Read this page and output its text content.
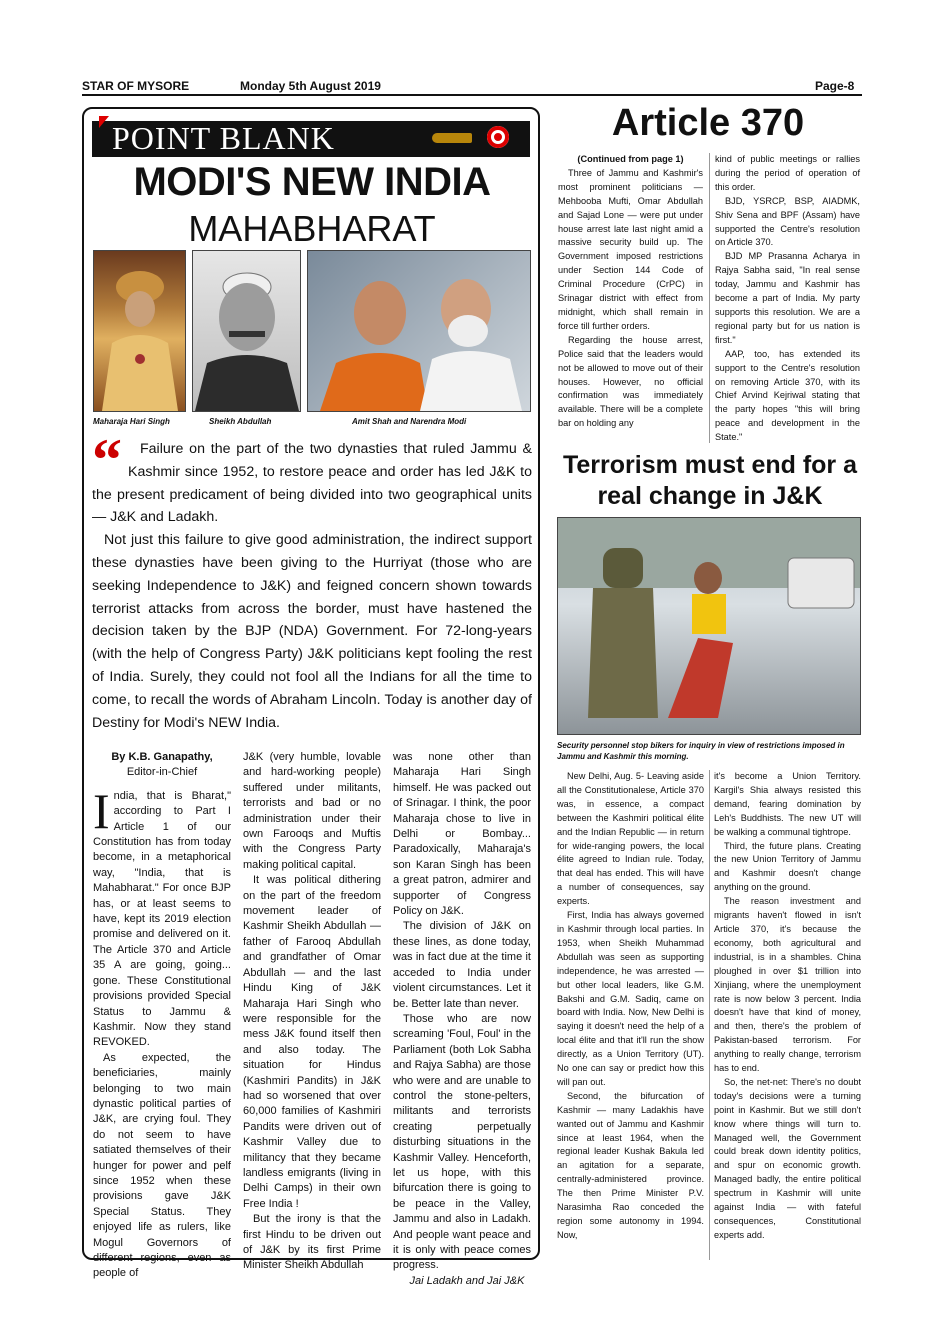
STAR OF MYSORE	Monday 5th August 2019	Page-8
POINT BLANK
MODI'S NEW INDIA
MAHABHARAT
Maharaja Hari Singh	Sheikh Abdullah	Amit Shah and Narendra Modi
“	Failure on the part of the two dynasties that ruled Jammu & Kashmir since 1952, to restore peace and order has led J&K to the present predicament of being divided into two geographical units — J&K and Ladakh.

Not just this failure to give good administration, the indirect support these dynasties have been giving to the Hurriyat (those who are seeking Independence to J&K) and feigned concern shown towards terrorist attacks from across the border, must have hastened the decision taken by the BJP (NDA) Government. For 72-long-years (with the help of Congress Party) J&K politicians kept fooling the rest of India. Surely, they could not fool all the Indians for all the time to come, to recall the words of Abraham Lincoln. Today is another day of Destiny for Modi's NEW India.

By K.B. Ganapathy,
Editor-in-Chief

India, that is Bharat," according to Part I Article 1 of our Constitution has from today become, in a metaphorical way, "India, that is Mahabharat." For once BJP has, or at least seems to have, kept its 2019 election promise and delivered on it. The Article 370 and Article 35 A are going, going... gone. These Constitutional provisions provided Special Status to Jammu & Kashmir. Now they stand REVOKED.

As expected, the beneficiaries, mainly belonging to two main dynastic political parties of J&K, are crying foul. They do not seem to have satiated themselves of their hunger for power and pelf since 1952 when these provisions gave J&K Special Status. They enjoyed life as rulers, like Mogul Governors of different regions, even as people of

J&K (very humble, lovable and hard-working people) suffered under militants, terrorists and bad or no administration under their own Farooqs and Muftis with the Congress Party making political capital.

It was political dithering on the part of the freedom movement leader of Kashmir Sheikh Abdullah — father of Farooq Abdullah and grandfather of Omar Abdullah — and the last Hindu King of J&K Maharaja Hari Singh who were responsible for the mess J&K found itself then and also today. The situation for Hindus (Kashmiri Pandits) in J&K had so worsened that over 60,000 families of Kashmiri Pandits were driven out of Kashmir Valley due to militancy that they became landless emigrants (living in Delhi Camps) in their own Free India !

But the irony is that the first Hindu to be driven out of J&K by its first Prime Minister Sheikh Abdullah

was none other than Maharaja Hari Singh himself. He was packed out of Srinagar. I think, the poor Maharaja chose to live in Delhi or Bombay... Paradoxically, Maharaja's son Karan Singh has been a great patron, admirer and supporter of Congress Policy on J&K.

The division of J&K on these lines, as done today, was in fact due at the time it acceded to India under violent circumstances. Let it be. Better late than never.

Those who are now screaming 'Foul, Foul' in the Parliament (both Lok Sabha and Rajya Sabha) are those who were and are unable to control the stone-pelters, militants and terrorists creating perpetually disturbing situations in the Kashmir Valley. Henceforth, let us hope, with this bifurcation there is going to be peace in the Valley, Jammu and also in Ladakh. And people want peace and it is only with peace comes progress.

Jai Ladakh and Jai J&K

Article 370
(Continued from page 1)

Three of Jammu and Kashmir's most prominent politicians — Mehbooba Mufti, Omar Abdullah and Sajad Lone — were put under house arrest late last night amid a massive security build up. The Government imposed restrictions under Section 144 Code of Criminal Procedure (CrPC) in Srinagar district with effect from midnight, which shall remain in force till further orders.

Regarding the house arrest, Police said that the leaders would not be allowed to move out of their houses. However, no official confirmation was immediately available. There will be a complete bar on holding any

kind of public meetings or rallies during the period of operation of this order.

BJD, YSRCP, BSP, AIADMK, Shiv Sena and BPF (Assam) have supported the Centre's resolution on Article 370.

BJD MP Prasanna Acharya in Rajya Sabha said, "In real sense today, Jammu and Kashmir has become a part of India. My party supports this resolution. We are a regional party but for us nation is first."

AAP, too, has extended its support to the Centre's resolution on removing Article 370, with its Chief Arvind Kejriwal stating that the party hopes "this will bring peace and development in the State."

Terrorism must end for a real change in J&K
Security personnel stop bikers for inquiry in view of restrictions imposed in Jammu and Kashmir this morning.

New Delhi, Aug. 5- Leaving aside all the Constitutionalese, Article 370 was, in essence, a compact between the Kashmiri political élite and the Indian Republic — in return for wide-ranging powers, the local élite agreed to Indian rule. Today, that deal has ended. This will have a number of consequences, say experts.

First, India has always governed in Kashmir through local parties. In 1953, when Sheikh Muhammad Abdullah was seen as supporting independence, he was arrested — but other local leaders, like G.M. Bakshi and G.M. Sadiq, came on board with India. Now, New Delhi is saying it doesn't need the help of a local élite and that it'll run the show directly, as a Union Territory (UT). No one can say or predict how this will pan out.

Second, the bifurcation of Kashmir — many Ladakhis have wanted out of Jammu and Kashmir since at least 1964, when the regional leader Kushak Bakula led an agitation for a separate, centrally-administered province. The then Prime Minister P.V. Narasimha Rao conceded the region some autonomy in 1994. Now,

it's become a Union Territory. Kargil's Shia always resisted this demand, fearing domination by Leh's Buddhists. The new UT will be walking a communal tightrope.

Third, the future plans. Creating the new Union Territory of Jammu and Kashmir doesn't change anything on the ground.

The reason investment and migrants haven't flowed in isn't Article 370, it's because the economy, both agricultural and industrial, is in a shambles. China ploughed in over $1 trillion into Xinjiang, where the unemployment rate is now below 3 percent. India doesn't have that kind of money, and then, there's the problem of Pakistan-based terrorism. For anything to really change, terrorism has to end.

So, the net-net: There's no doubt today's decisions were a turning point in Kashmir. But we still don't know where things will turn to. Managed well, the Government could break down identity politics, and spur on economic growth. Managed badly, the entire political spectrum in Kashmir will unite against India — with fateful consequences, Constitutional experts add.
